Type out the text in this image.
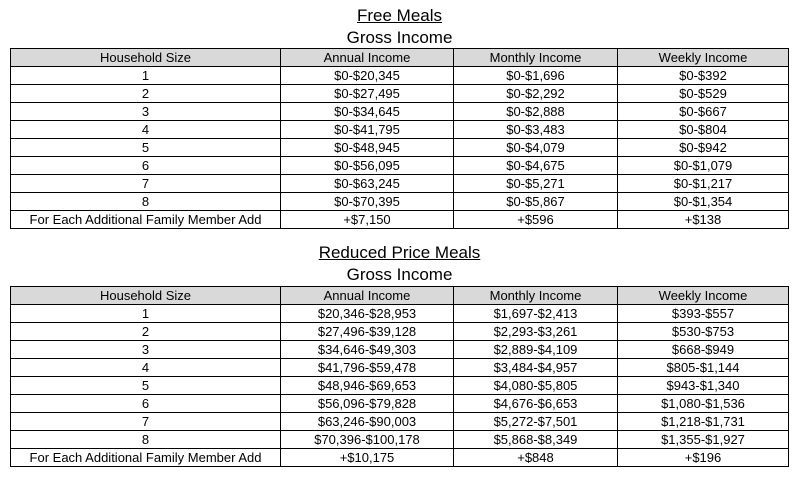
Free Meals
Gross Income
Household Size	Annual Income	Monthly Income	Weekly Income
1	$0-$20,345	$0-$1,696	$0-$392
2	$0-$27,495	$0-$2,292	$0-$529
3	$0-$34,645	$0-$2,888	$0-$667
4	$0-$41,795	$0-$3,483	$0-$804
5	$0-$48,945	$0-$4,079	$0-$942
6	$0-$56,095	$0-$4,675	$0-$1,079
7	$0-$63,245	$0-$5,271	$0-$1,217
8	$0-$70,395	$0-$5,867	$0-$1,354
For Each Additional Family Member Add	+$7,150	+$596	+$138
Reduced Price Meals
Gross Income
Household Size	Annual Income	Monthly Income	Weekly Income
1	$20,346-$28,953	$1,697-$2,413	$393-$557
2	$27,496-$39,128	$2,293-$3,261	$530-$753
3	$34,646-$49,303	$2,889-$4,109	$668-$949
4	$41,796-$59,478	$3,484-$4,957	$805-$1,144
5	$48,946-$69,653	$4,080-$5,805	$943-$1,340
6	$56,096-$79,828	$4,676-$6,653	$1,080-$1,536
7	$63,246-$90,003	$5,272-$7,501	$1,218-$1,731
8	$70,396-$100,178	$5,868-$8,349	$1,355-$1,927
For Each Additional Family Member Add	+$10,175	+$848	+$196
